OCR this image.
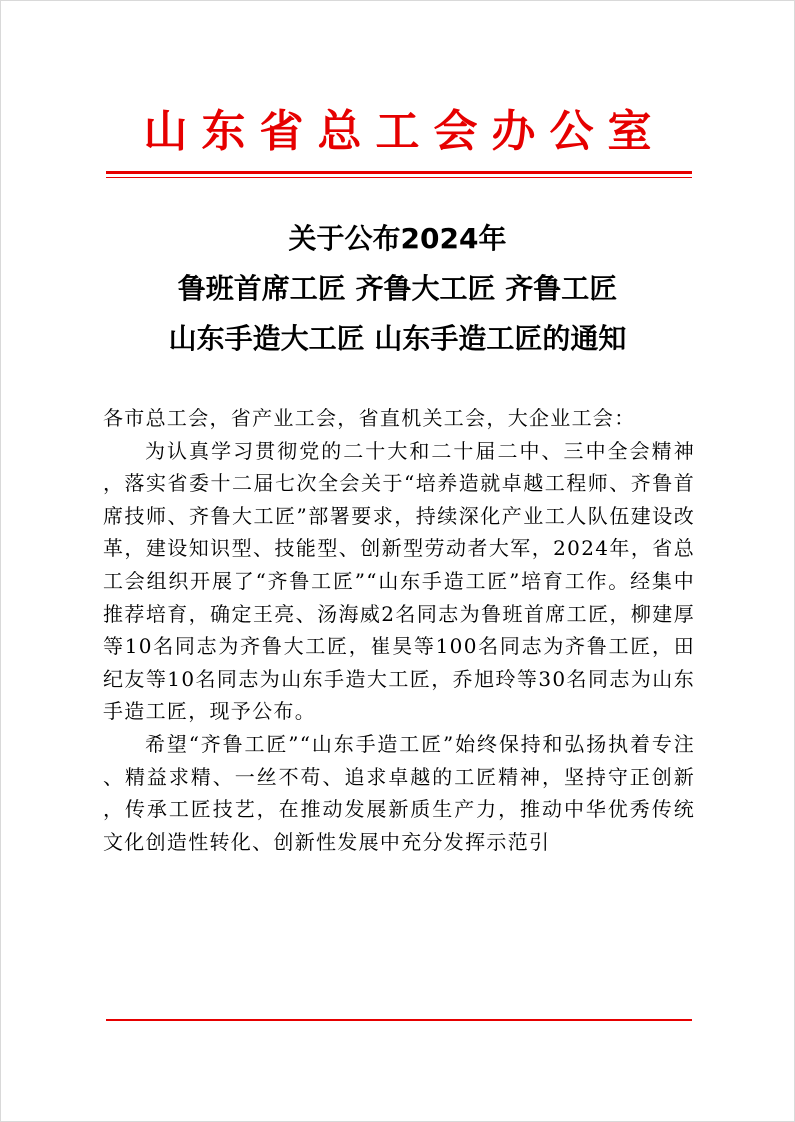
山东省总工会办公室
关于公布2024年
鲁班首席工匠 齐鲁大工匠 齐鲁工匠
山东手造大工匠 山东手造工匠的通知

各市总工会，省产业工会，省直机关工会，大企业工会：

为认真学习贯彻党的二十大和二十届二中、三中全会精神，落实省委十二届七次全会关于“培养造就卓越工程师、齐鲁首席技师、齐鲁大工匠”部署要求，持续深化产业工人队伍建设改革，建设知识型、技能型、创新型劳动者大军，2024年，省总工会组织开展了“齐鲁工匠”“山东手造工匠”培育工作。经集中推荐培育，确定王亮、汤海威2名同志为鲁班首席工匠，柳建厚等10名同志为齐鲁大工匠，崔昊等100名同志为齐鲁工匠，田纪友等10名同志为山东手造大工匠，乔旭玲等30名同志为山东手造工匠，现予公布。

希望“齐鲁工匠”“山东手造工匠”始终保持和弘扬执着专注、精益求精、一丝不苟、追求卓越的工匠精神，坚持守正创新，传承工匠技艺，在推动发展新质生产力，推动中华优秀传统文化创造性转化、创新性发展中充分发挥示范引
